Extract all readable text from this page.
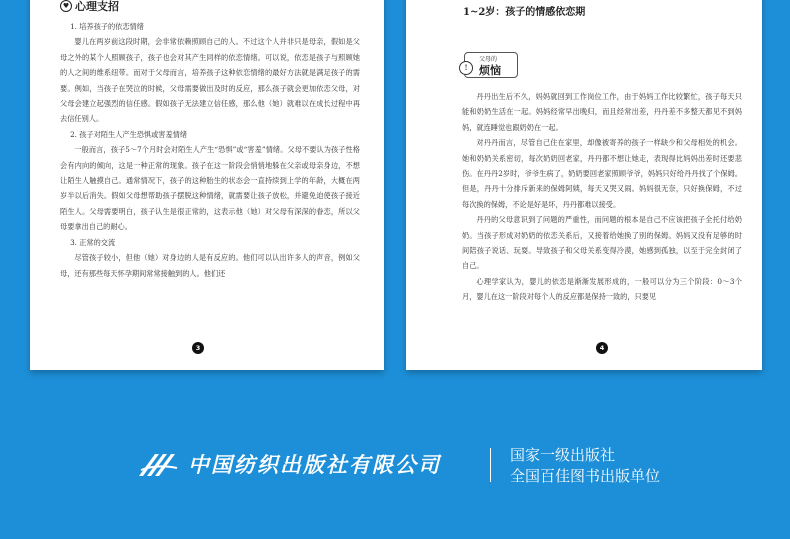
♥ 心理支招

1. 培养孩子的依恋情绪

婴儿在两岁前这段时期，会非常依赖照顾自己的人。不过这个人并非只是母亲，假如是父母之外的某个人照顾孩子，孩子也会对其产生同样的依恋情绪。可以说，依恋是孩子与照顾她的人之间的维系纽带。而对于父母而言，培养孩子这种依恋情绪的最好方法就是满足孩子的需要。例如，当孩子在哭泣的时候，父母需要做出及时的反应，那么孩子就会更加依恋父母，对父母会建立起强烈的信任感。假如孩子无法建立信任感，那么他（她）就难以在成长过程中再去信任别人。

2. 孩子对陌生人产生恐惧或害羞情绪

一般而言，孩子5～7个月时会对陌生人产生“恐惧”或“害羞”情绪。父母不要认为孩子性格会有内向的倾向，这是一种正常的现象。孩子在这一阶段会悄悄地躲在父亲或母亲身边，不想让陌生人触摸自己。通常情况下，孩子的这种胎生的状态会一直持续到上学的年龄，大概在两岁半以后消失。假如父母想帮助孩子摆脱这种情绪，就需要让孩子放松，并避免迫使孩子接近陌生人。父母需要明白，孩子认生是很正常的，这表示他（她）对父母有深深的眷恋，所以父母要拿出自己的耐心。

3. 正常的交流

尽管孩子较小，但他（她）对身边的人是有反应的。他们可以认出许多人的声音，例如父母，还有那些每天怀孕期间常常接触到的人。他们还

3
1~2岁：孩子的情感依恋期
!
父母的
烦恼

丹丹出生后不久，妈妈就回到工作岗位工作，由于妈妈工作比较繁忙，孩子每天只能和奶奶生活在一起。妈妈经常早出晚归，而且经常出差，丹丹差不多整天都见不到妈妈，就连睡觉也跟奶奶在一起。

对丹丹而言，尽管自己住在家里，却像被寄养的孩子一样缺少和父母相处的机会。她和奶奶关系密切，每次奶奶回老家，丹丹都不想让她走，表现得比妈妈出差时还要悲伤。在丹丹2岁时，爷爷生病了，奶奶要回老家照顾爷爷，妈妈只好给丹丹找了个保姆。但是，丹丹十分排斥新来的保姆阿姨，每天又哭又闹。妈妈很无奈，只好换保姆，不过每次换的保姆，不论是好是坏，丹丹都难以接受。

丹丹的父母意识到了问题的严重性，而问题的根本是自己不应该把孩子全托付给奶奶。当孩子形成对奶奶的依恋关系后，又接着给她换了别的保姆。妈妈又没有足够的时间陪孩子说话、玩耍。导致孩子和父母关系变得冷漠，她感到孤独，以至于完全封闭了自己。

心理学家认为，婴儿的依恋是渐渐发展形成的，一般可以分为三个阶段：0～3个月，婴儿在这一阶段对每个人的反应都是保持一致的，只要见

4
中国纺织出版社有限公司	国家一级出版社
全国百佳图书出版单位
